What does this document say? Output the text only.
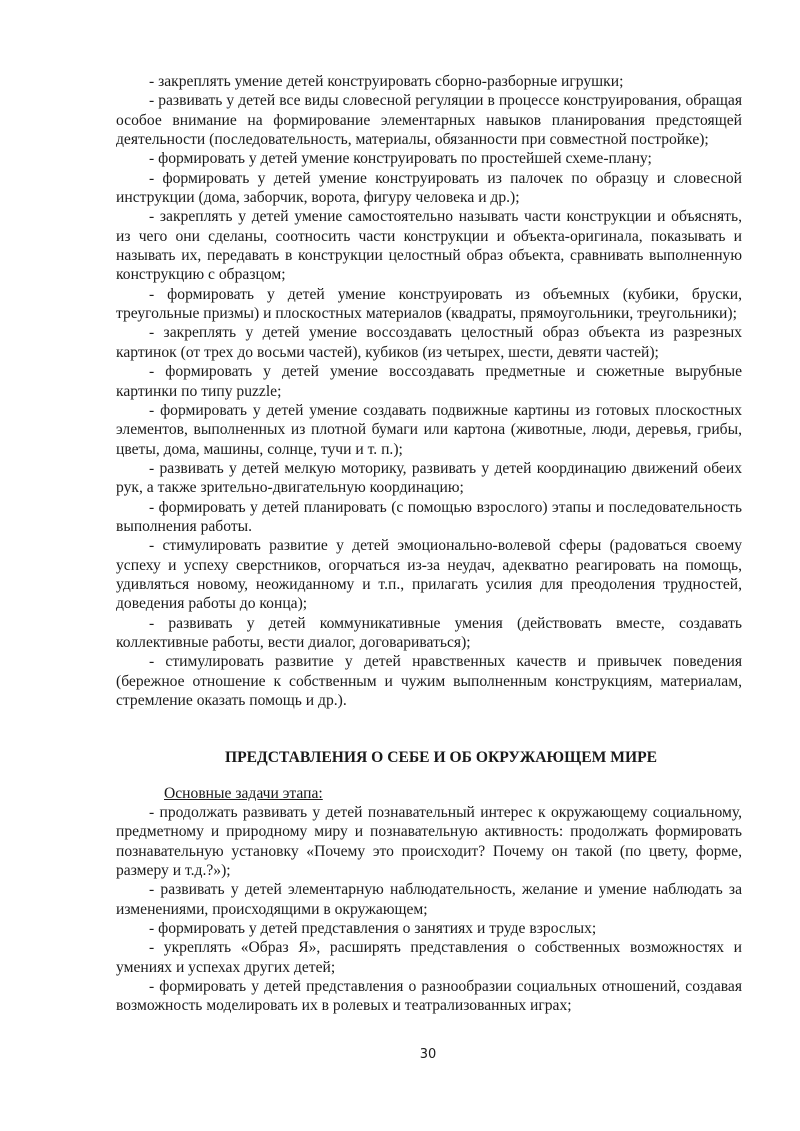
- закреплять умение детей конструировать сборно-разборные игрушки;

- развивать у детей все виды словесной регуляции в процессе конструирования, обращая особое внимание на формирование элементарных навыков планирования предстоящей деятельности (последовательность, материалы, обязанности при совместной постройке);

- формировать у детей умение конструировать по простейшей схеме-плану;

- формировать у детей умение конструировать из палочек по образцу и словесной инструкции (дома, заборчик, ворота, фигуру человека и др.);

- закреплять у детей умение самостоятельно называть части конструкции и объяснять, из чего они сделаны, соотносить части конструкции и объекта-оригинала, показывать и называть их, передавать в конструкции целостный образ объекта, сравнивать выполненную конструкцию с образцом;

- формировать у детей умение конструировать из объемных (кубики, бруски, треугольные призмы) и плоскостных материалов (квадраты, прямоугольники, треугольники);

- закреплять у детей умение воссоздавать целостный образ объекта из разрезных картинок (от трех до восьми частей), кубиков (из четырех, шести, девяти частей);

- формировать у детей умение воссоздавать предметные и сюжетные вырубные картинки по типу puzzle;

- формировать у детей умение создавать подвижные картины из готовых плоскостных элементов, выполненных из плотной бумаги или картона (животные, люди, деревья, грибы, цветы, дома, машины, солнце, тучи и т. п.);

- развивать у детей мелкую моторику, развивать у детей координацию движений обеих рук, а также зрительно-двигательную координацию;

- формировать у детей планировать (с помощью взрослого) этапы и последовательность выполнения работы.

- стимулировать развитие у детей эмоционально-волевой сферы (радоваться своему успеху и успеху сверстников, огорчаться из-за неудач, адекватно реагировать на помощь, удивляться новому, неожиданному и т.п., прилагать усилия для преодоления трудностей, доведения работы до конца);

- развивать у детей коммуникативные умения (действовать вместе, создавать коллективные работы, вести диалог, договариваться);

- стимулировать развитие у детей нравственных качеств и привычек поведения (бережное отношение к собственным и чужим выполненным конструкциям, материалам, стремление оказать помощь и др.).

ПРЕДСТАВЛЕНИЯ О СЕБЕ И ОБ ОКРУЖАЮЩЕМ МИРЕ

Основные задачи этапа:

- продолжать развивать у детей познавательный интерес к окружающему социальному, предметному и природному миру и познавательную активность: продолжать формировать познавательную установку «Почему это происходит? Почему он такой (по цвету, форме, размеру и т.д.?»);

- развивать у детей элементарную наблюдательность, желание и умение наблюдать за изменениями, происходящими в окружающем;

- формировать у детей представления о занятиях и труде взрослых;

- укреплять «Образ Я», расширять представления о собственных возможностях и умениях и успехах других детей;

- формировать у детей представления о разнообразии социальных отношений, создавая возможность моделировать их в ролевых и театрализованных играх;

30
